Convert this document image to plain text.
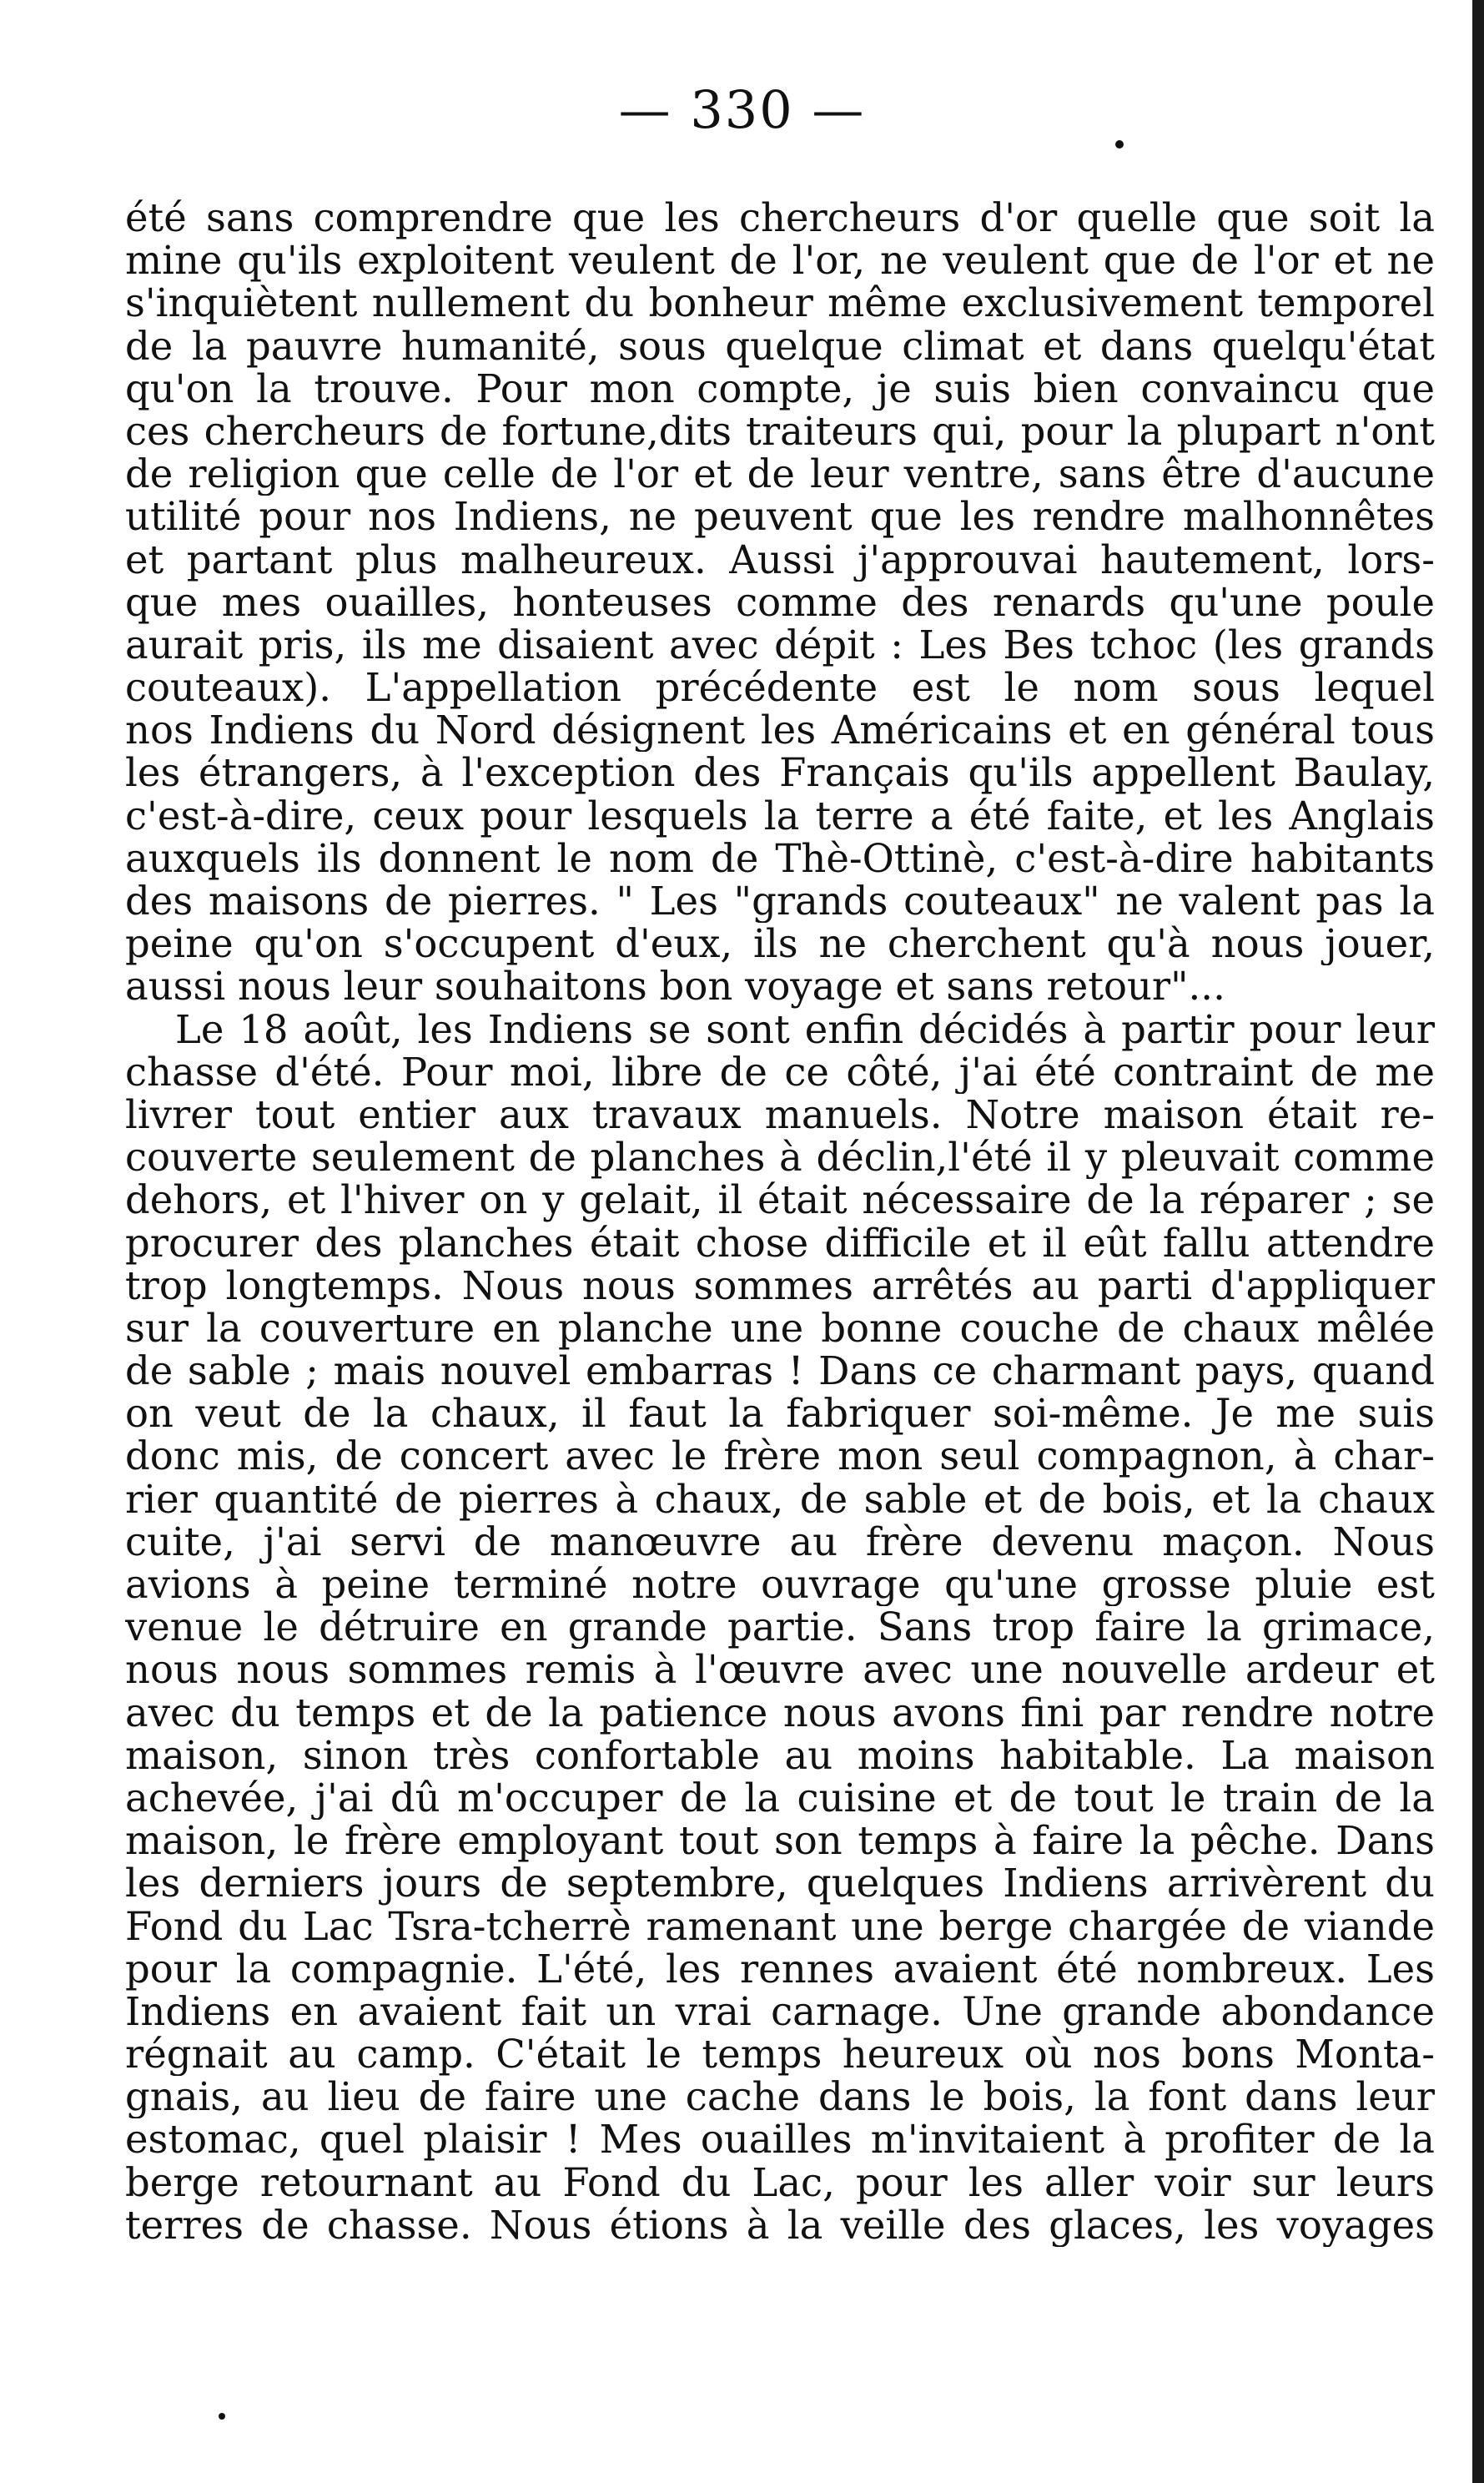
— 330 —
été sans comprendre que les chercheurs d'or quelle que soit la
mine qu'ils exploitent veulent de l'or, ne veulent que de l'or et ne
s'inquiètent nullement du bonheur même exclusivement temporel
de la pauvre humanité, sous quelque climat et dans quelqu'état
qu'on la trouve. Pour mon compte, je suis bien convaincu que
ces chercheurs de fortune,dits traiteurs qui, pour la plupart n'ont
de religion que celle de l'or et de leur ventre, sans être d'aucune
utilité pour nos Indiens, ne peuvent que les rendre malhonnêtes
et partant plus malheureux. Aussi j'approuvai hautement, lors-
que mes ouailles, honteuses comme des renards qu'une poule
aurait pris, ils me disaient avec dépit : Les Bes tchoc (les grands
couteaux). L'appellation précédente est le nom sous lequel
nos Indiens du Nord désignent les Américains et en général tous
les étrangers, à l'exception des Français qu'ils appellent Baulay,
c'est-à-dire, ceux pour lesquels la terre a été faite, et les Anglais
auxquels ils donnent le nom de Thè-Ottinè, c'est-à-dire habitants
des maisons de pierres. " Les "grands couteaux" ne valent pas la
peine qu'on s'occupent d'eux, ils ne cherchent qu'à nous jouer,
aussi nous leur souhaitons bon voyage et sans retour"...
Le 18 août, les Indiens se sont enfin décidés à partir pour leur
chasse d'été. Pour moi, libre de ce côté, j'ai été contraint de me
livrer tout entier aux travaux manuels. Notre maison était re-
couverte seulement de planches à déclin,l'été il y pleuvait comme
dehors, et l'hiver on y gelait, il était nécessaire de la réparer ; se
procurer des planches était chose difficile et il eût fallu attendre
trop longtemps. Nous nous sommes arrêtés au parti d'appliquer
sur la couverture en planche une bonne couche de chaux mêlée
de sable ; mais nouvel embarras ! Dans ce charmant pays, quand
on veut de la chaux, il faut la fabriquer soi-même. Je me suis
donc mis, de concert avec le frère mon seul compagnon, à char-
rier quantité de pierres à chaux, de sable et de bois, et la chaux
cuite, j'ai servi de manœuvre au frère devenu maçon. Nous
avions à peine terminé notre ouvrage qu'une grosse pluie est
venue le détruire en grande partie. Sans trop faire la grimace,
nous nous sommes remis à l'œuvre avec une nouvelle ardeur et
avec du temps et de la patience nous avons fini par rendre notre
maison, sinon très confortable au moins habitable. La maison
achevée, j'ai dû m'occuper de la cuisine et de tout le train de la
maison, le frère employant tout son temps à faire la pêche. Dans
les derniers jours de septembre, quelques Indiens arrivèrent du
Fond du Lac Tsra-tcherrè ramenant une berge chargée de viande
pour la compagnie. L'été, les rennes avaient été nombreux. Les
Indiens en avaient fait un vrai carnage. Une grande abondance
régnait au camp. C'était le temps heureux où nos bons Monta-
gnais, au lieu de faire une cache dans le bois, la font dans leur
estomac, quel plaisir ! Mes ouailles m'invitaient à profiter de la
berge retournant au Fond du Lac, pour les aller voir sur leurs
terres de chasse. Nous étions à la veille des glaces, les voyages
